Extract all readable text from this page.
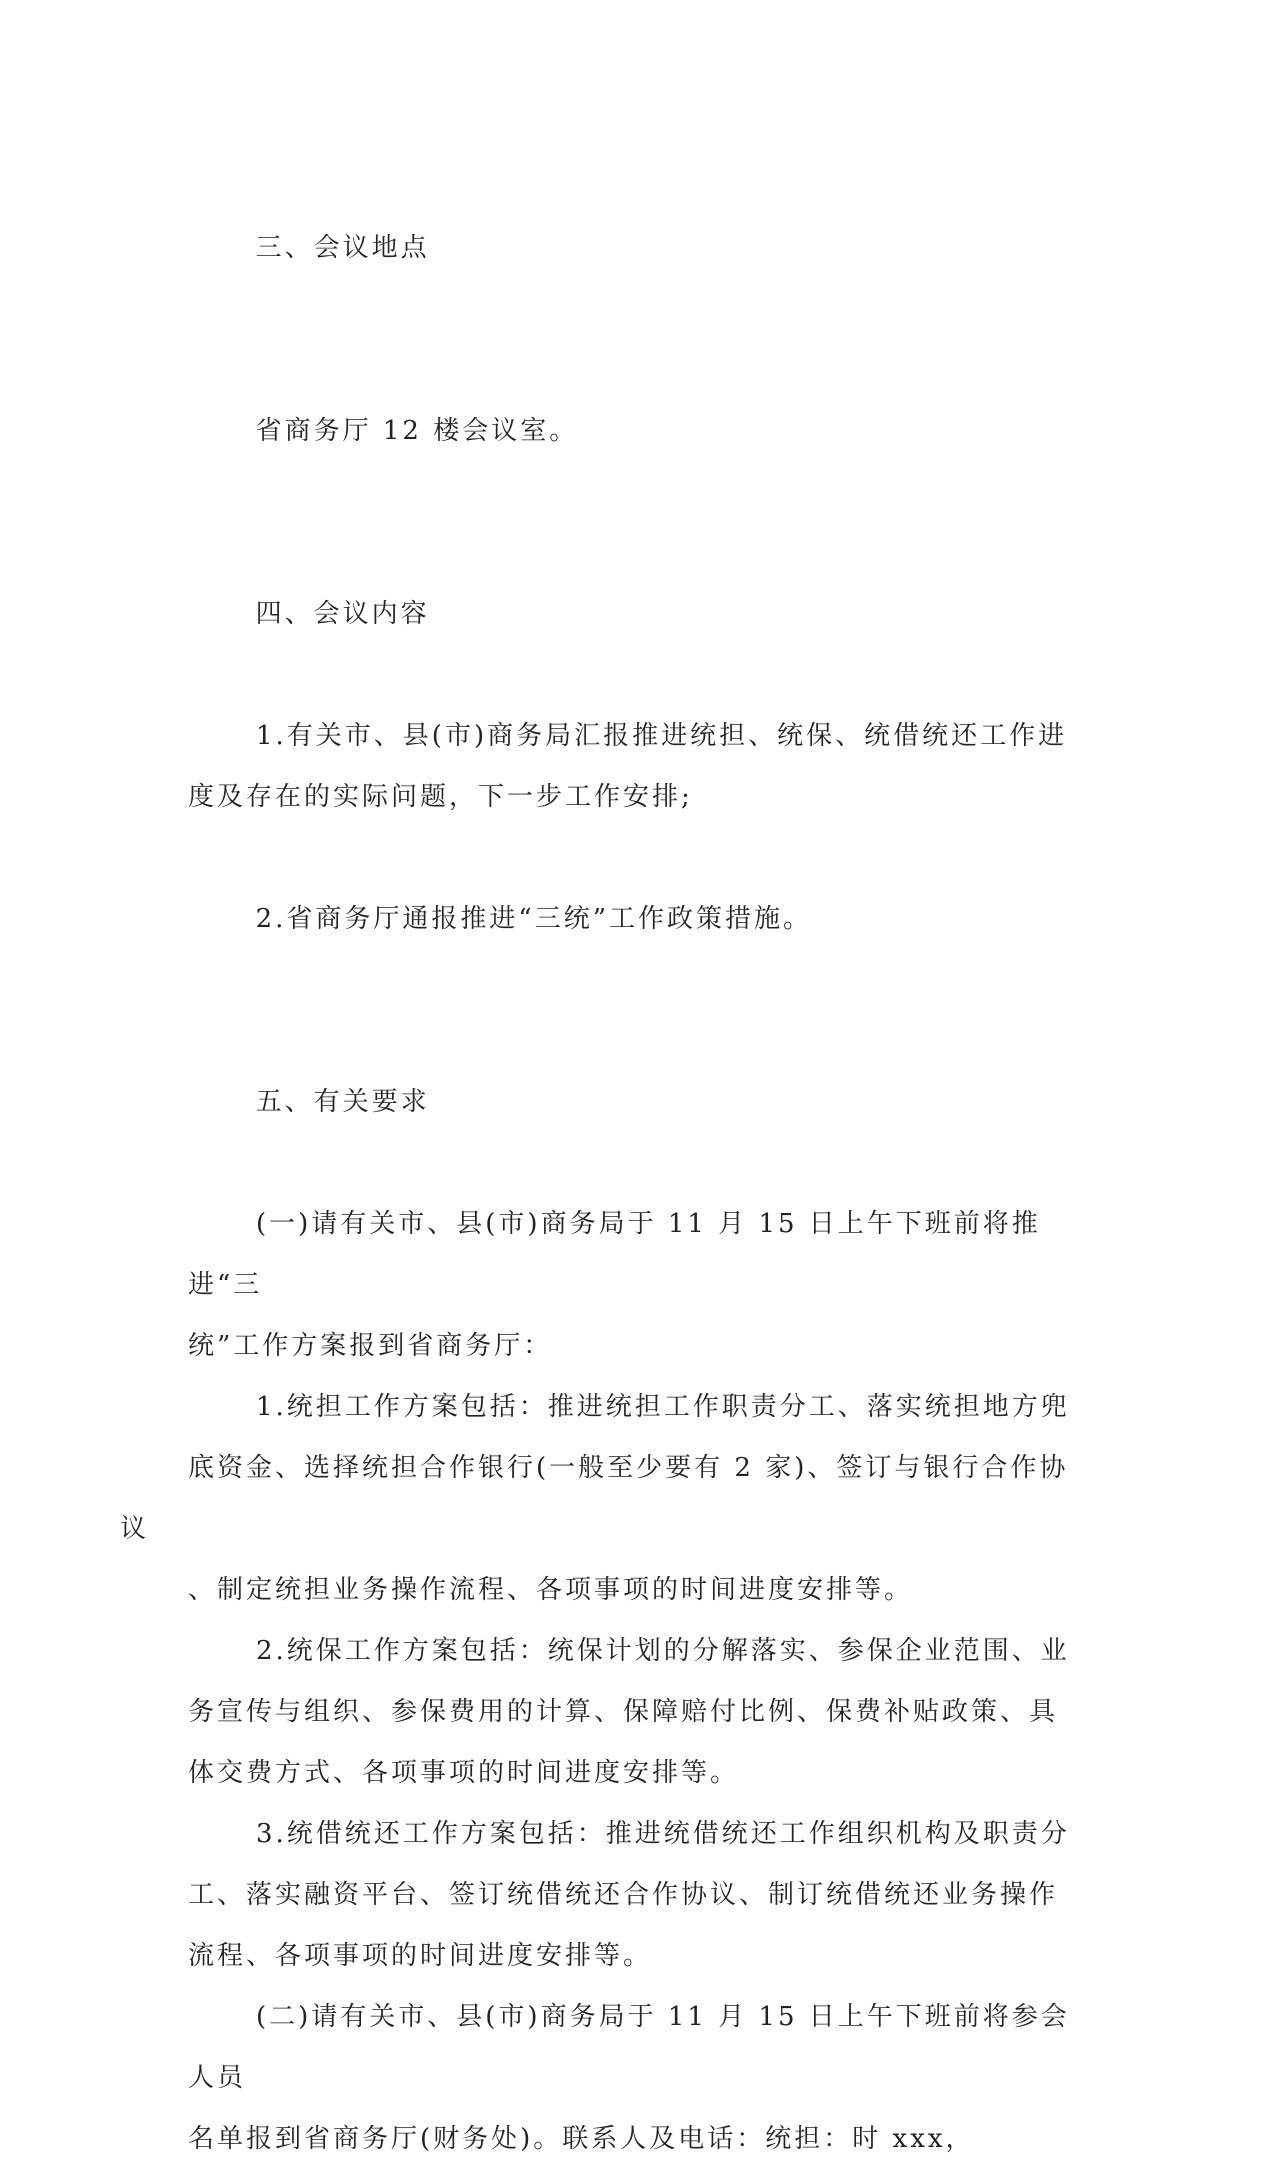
三、会议地点

省商务厅 12 楼会议室。

四、会议内容

1.有关市、县(市)商务局汇报推进统担、统保、统借统还工作进
度及存在的实际问题，下一步工作安排;

2.省商务厅通报推进“三统”工作政策措施。

五、有关要求

(一)请有关市、县(市)商务局于 11 月 15 日上午下班前将推进“三
统”工作方案报到省商务厅：

1.统担工作方案包括：推进统担工作职责分工、落实统担地方兜
底资金、选择统担合作银行(一般至少要有 2 家)、签订与银行合作协议
、制定统担业务操作流程、各项事项的时间进度安排等。

2.统保工作方案包括：统保计划的分解落实、参保企业范围、业
务宣传与组织、参保费用的计算、保障赔付比例、保费补贴政策、具
体交费方式、各项事项的时间进度安排等。

3.统借统还工作方案包括：推进统借统还工作组织机构及职责分
工、落实融资平台、签订统借统还合作协议、制订统借统还业务操作
流程、各项事项的时间进度安排等。

(二)请有关市、县(市)商务局于 11 月 15 日上午下班前将参会人员
名单报到省商务厅(财务处)。联系人及电话：统担：时 xxx，
